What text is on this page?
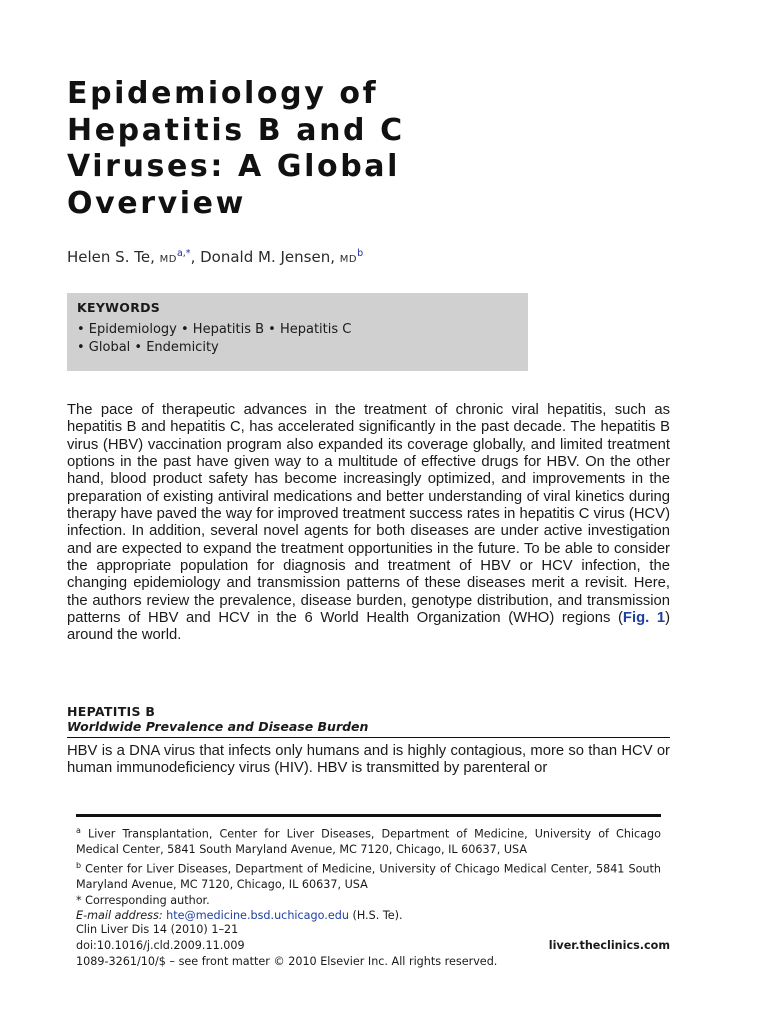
Epidemiology of
Hepatitis B and C
Viruses: A Global
Overview
Helen S. Te, $MD^{a,*}$, Donald M. Jensen, $MD^b$
KEYWORDS
• Epidemiology • Hepatitis B • Hepatitis C
• Global • Endemicity

The pace of therapeutic advances in the treatment of chronic viral hepatitis, such as hepatitis B and hepatitis C, has accelerated significantly in the past decade. The hepatitis B virus (HBV) vaccination program also expanded its coverage globally, and limited treatment options in the past have given way to a multitude of effective drugs for HBV. On the other hand, blood product safety has become increasingly optimized, and improvements in the preparation of existing antiviral medications and better understanding of viral kinetics during therapy have paved the way for improved treatment success rates in hepatitis C virus (HCV) infection. In addition, several novel agents for both diseases are under active investigation and are expected to expand the treatment opportunities in the future. To be able to consider the appropriate population for diagnosis and treatment of HBV or HCV infection, the changing epidemiology and transmission patterns of these diseases merit a revisit. Here, the authors review the prevalence, disease burden, genotype distribution, and transmission patterns of HBV and HCV in the 6 World Health Organization (WHO) regions (Fig. 1) around the world.

HEPATITIS B
Worldwide Prevalence and Disease Burden

HBV is a DNA virus that infects only humans and is highly contagious, more so than HCV or human immunodeficiency virus (HIV). HBV is transmitted by parenteral or

$^a$ Liver Transplantation, Center for Liver Diseases, Department of Medicine, University of Chicago Medical Center, 5841 South Maryland Avenue, MC 7120, Chicago, IL 60637, USA
$^b$ Center for Liver Diseases, Department of Medicine, University of Chicago Medical Center, 5841 South Maryland Avenue, MC 7120, Chicago, IL 60637, USA
* Corresponding author.
E-mail address: hte@medicine.bsd.uchicago.edu (H.S. Te).
Clin Liver Dis 14 (2010) 1–21
doi:10.1016/j.cld.2009.11.009
1089-3261/10/$ – see front matter © 2010 Elsevier Inc. All rights reserved.
liver.theclinics.com
